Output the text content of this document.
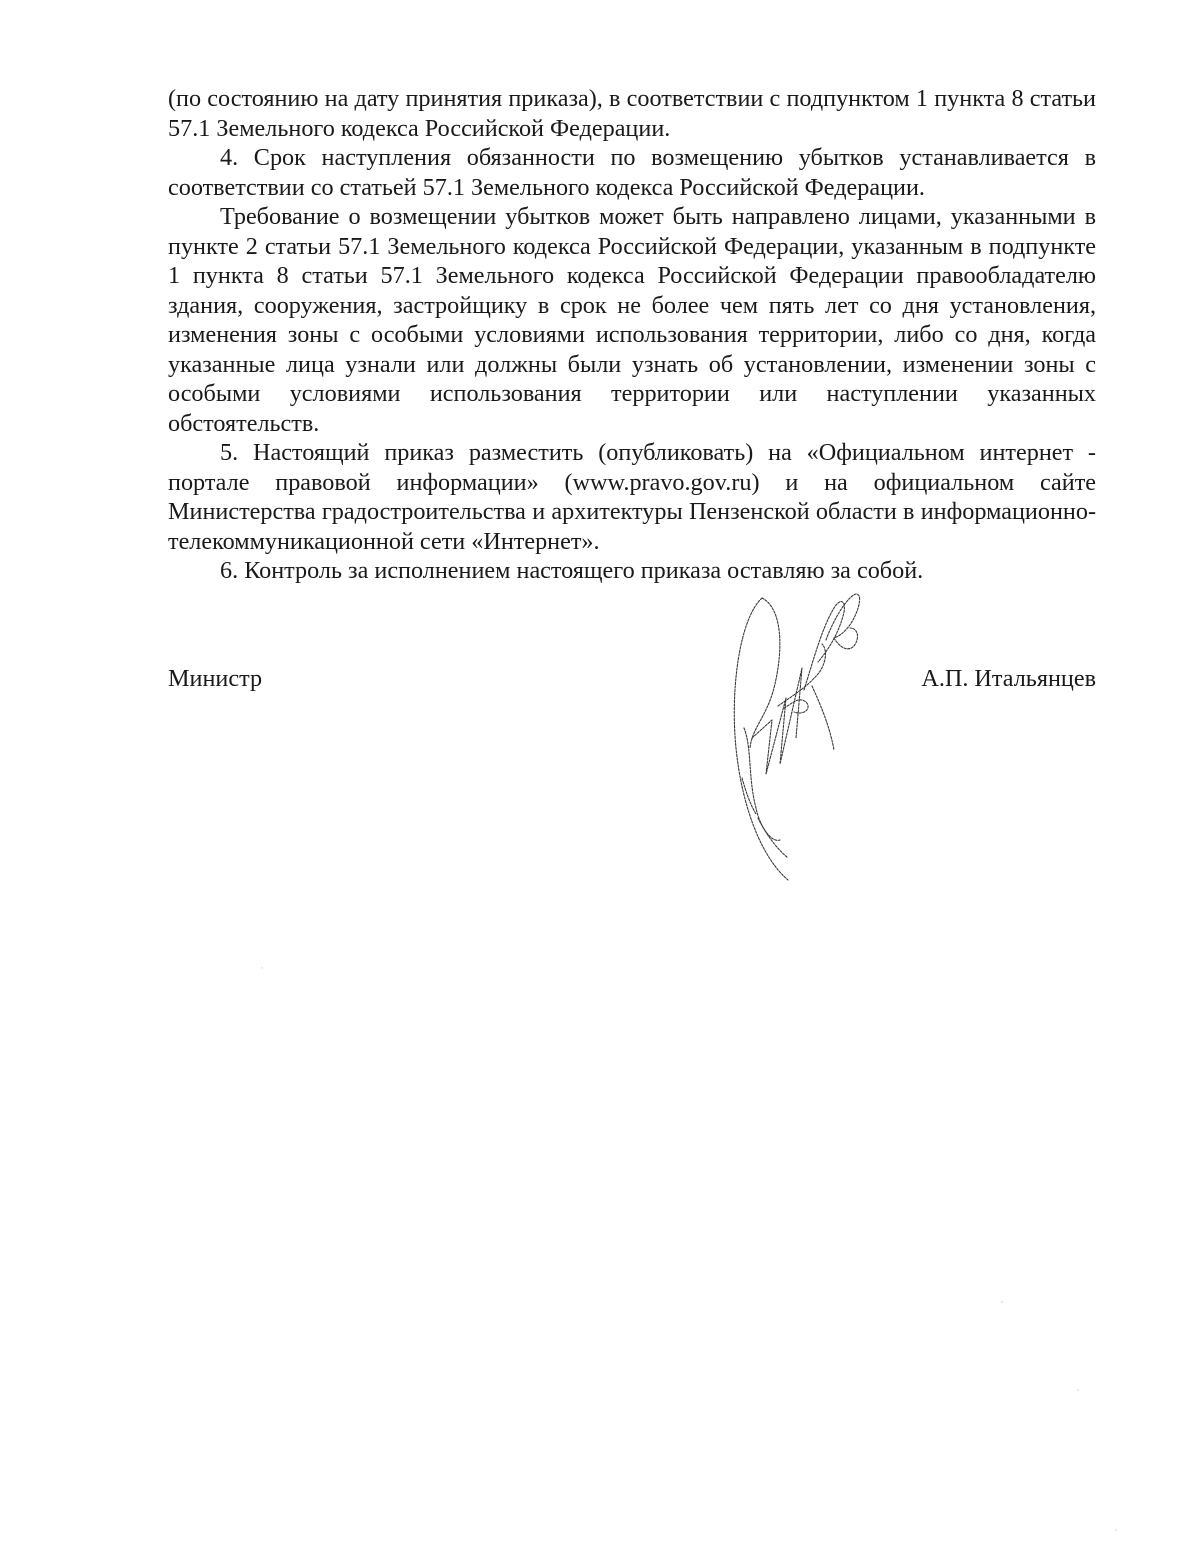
(по состоянию на дату принятия приказа), в соответствии с подпунктом 1 пункта 8 статьи 57.1 Земельного кодекса Российской Федерации.

4. Срок наступления обязанности по возмещению убытков устанавливается в соответствии со статьей 57.1 Земельного кодекса Российской Федерации.

Требование о возмещении убытков может быть направлено лицами, указанными в пункте 2 статьи 57.1 Земельного кодекса Российской Федерации, указанным в подпункте 1 пункта 8 статьи 57.1 Земельного кодекса Российской Федерации правообладателю здания, сооружения, застройщику в срок не более чем пять лет со дня установления, изменения зоны с особыми условиями использования территории, либо со дня, когда указанные лица узнали или должны были узнать об установлении, изменении зоны с особыми условиями использования территории или наступлении указанных обстоятельств.

5. Настоящий приказ разместить (опубликовать) на «Официальном интернет - портале правовой информации» (www.pravo.gov.ru) и на официальном сайте Министерства градостроительства и архитектуры Пензенской области в информационно-телекоммуникационной сети «Интернет».

6. Контроль за исполнением настоящего приказа оставляю за собой.

Министр	А.П. Итальянцев
